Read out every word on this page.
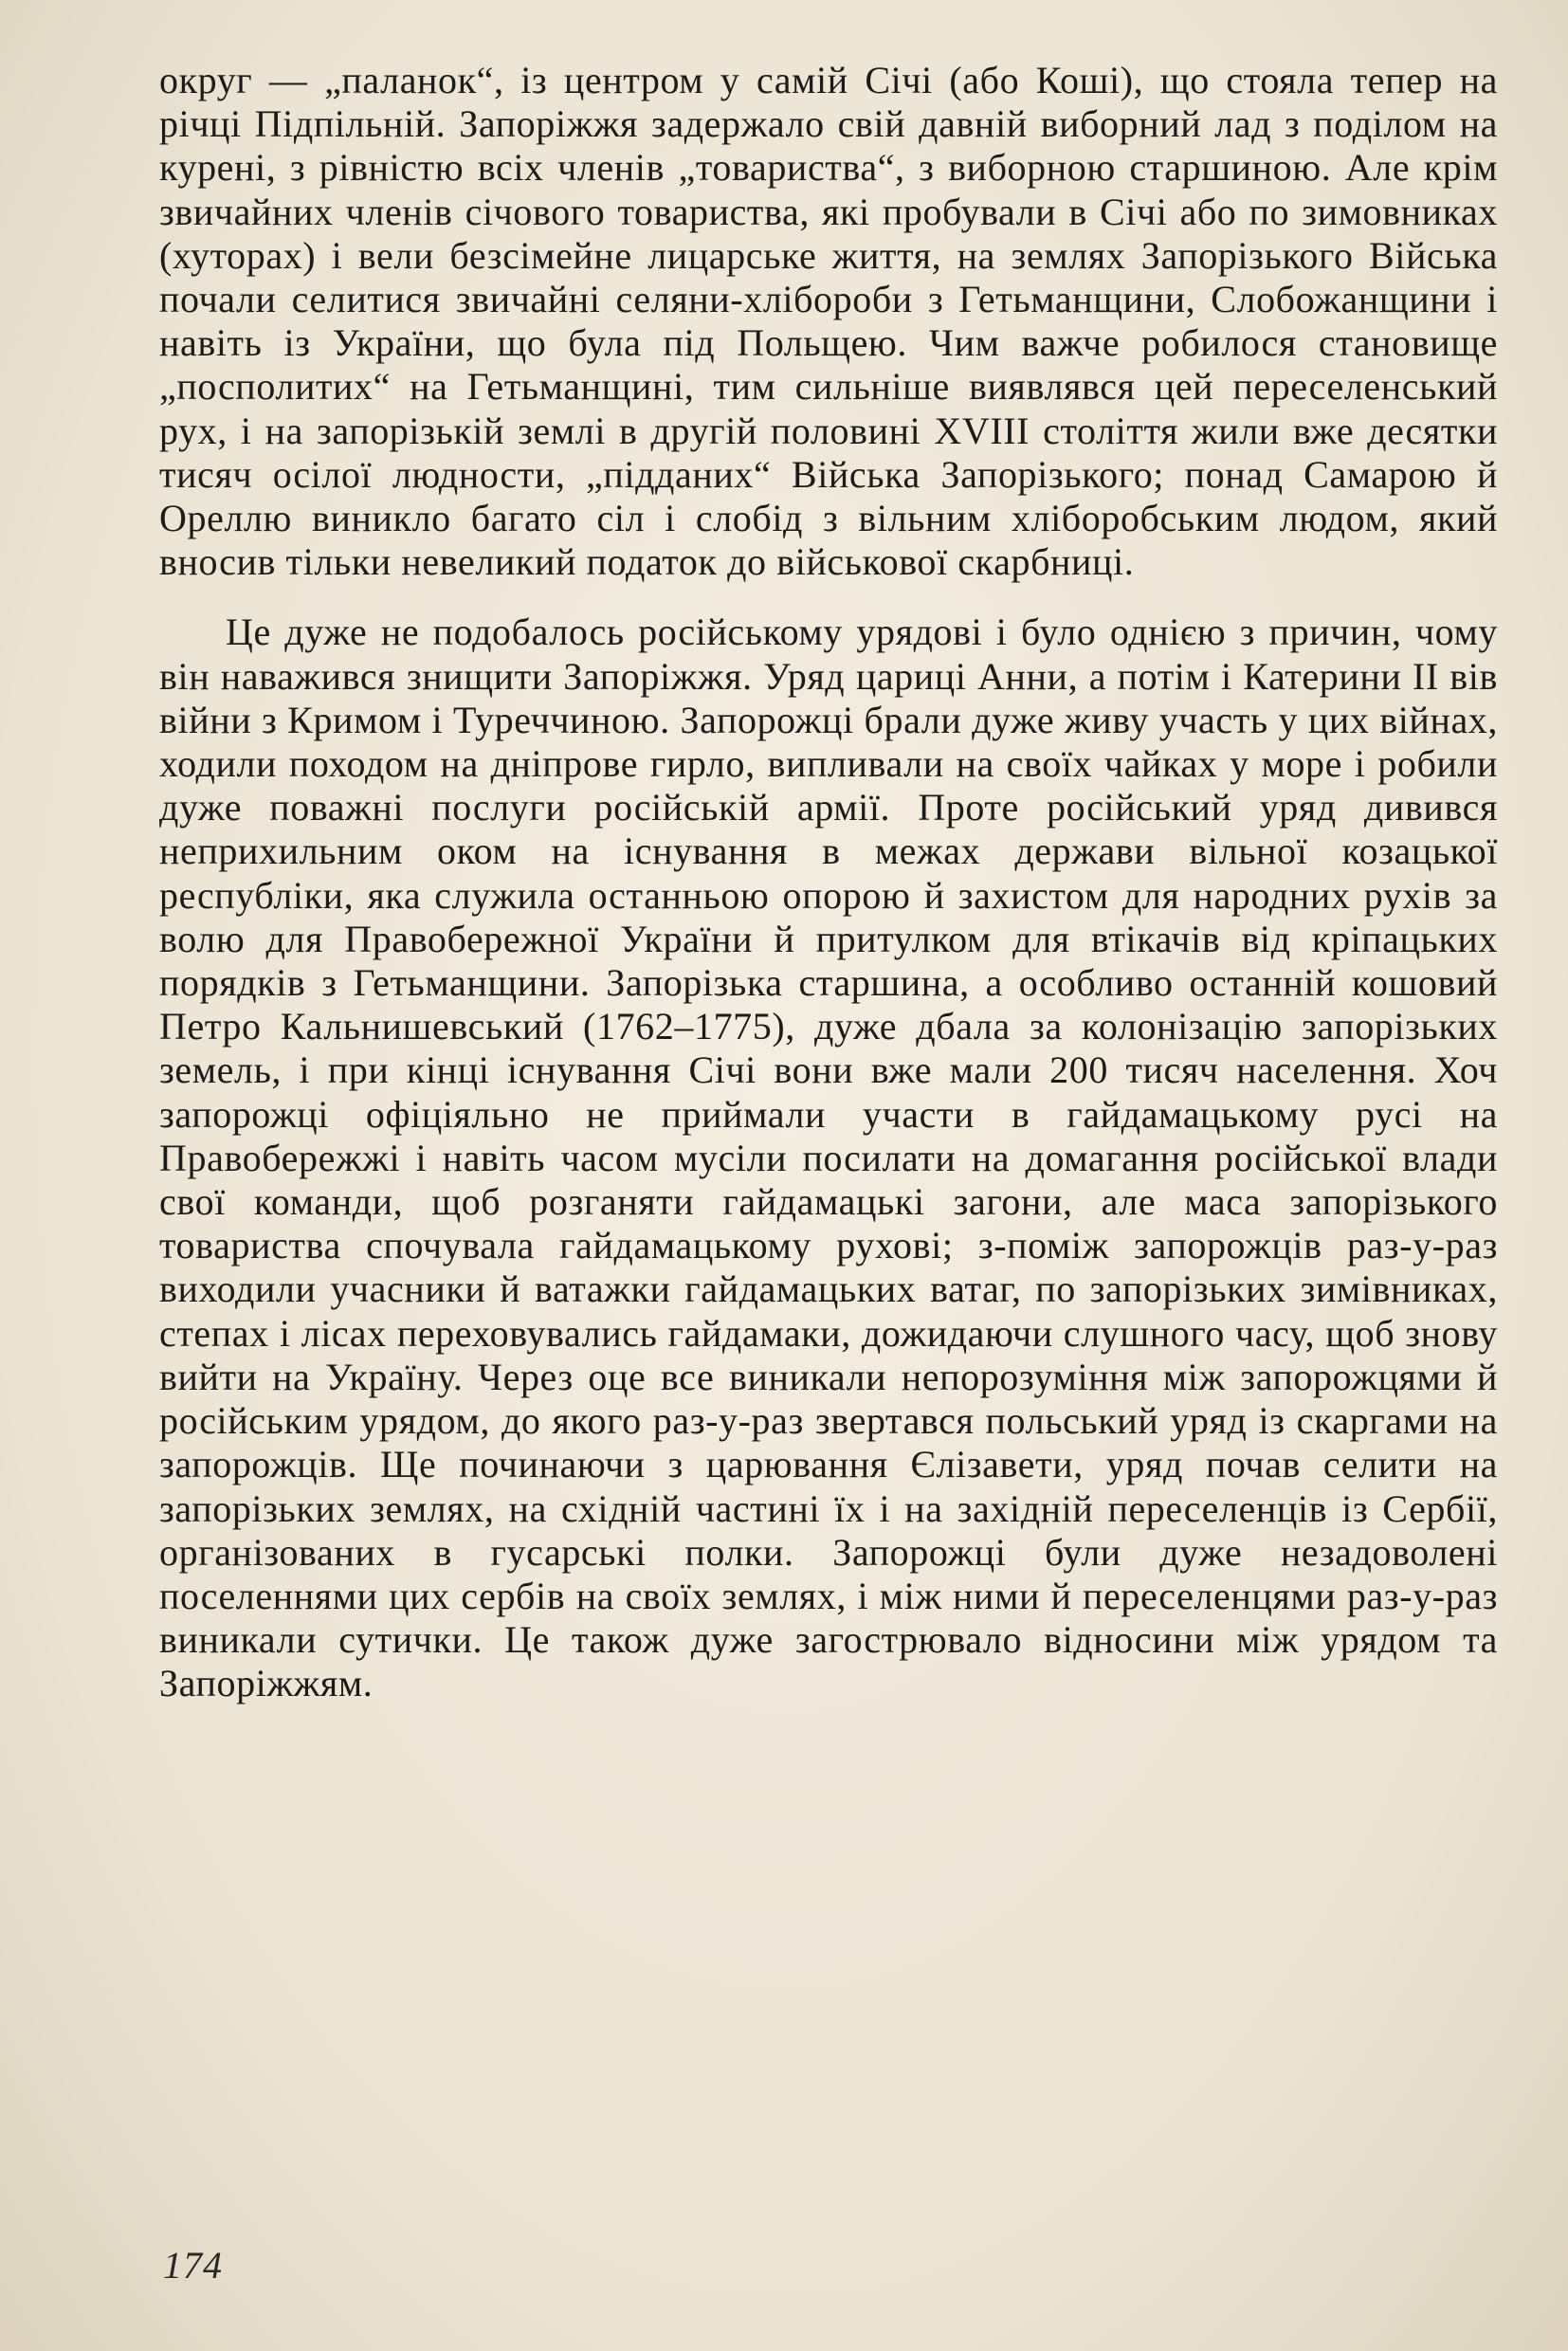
округ — „паланок“, із центром у самій Січі (або Коші), що стояла тепер на річці Підпільній. Запоріжжя задержало свій давній виборний лад з поділом на курені, з рівністю всіх членів „товариства“, з виборною старшиною. Але крім звичайних членів січового товариства, які пробували в Січі або по зимовниках (хуторах) і вели безсімейне лицарське життя, на землях Запорізького Війська почали селитися звичайні селяни-хлібороби з Гетьманщини, Слобожанщини і навіть із України, що була під Польщею. Чим важче робилося становище „посполитих“ на Гетьманщині, тим сильніше виявлявся цей переселенський рух, і на запорізькій землі в другій половині XVIII століття жили вже десятки тисяч осілої людности, „підданих“ Війська Запорізького; понад Самарою й Ореллю виникло багато сіл і слобід з вільним хліборобським людом, який вносив тільки невеликий податок до військової скарбниці.

Це дуже не подобалось російському урядові і було однією з причин, чому він наважився знищити Запоріжжя. Уряд цариці Анни, а потім і Катерини II вів війни з Кримом і Туреччиною. Запорожці брали дуже живу участь у цих війнах, ходили походом на дніпрове гирло, випливали на своїх чайках у море і робили дуже поважні послуги російській армії. Проте російський уряд дивився неприхильним оком на існування в межах держави вільної козацької республіки, яка служила останньою опорою й захистом для народних рухів за волю для Правобережної України й притулком для втікачів від кріпацьких порядків з Гетьманщини. Запорізька старшина, а особливо останній кошовий Петро Кальнишевський (1762–1775), дуже дбала за колонізацію запорізьких земель, і при кінці існування Січі вони вже мали 200 тисяч населення. Хоч запорожці офіціяльно не приймали участи в гайдамацькому русі на Правобережжі і навіть часом мусіли посилати на домагання російської влади свої команди, щоб розганяти гайдамацькі загони, але маса запорізького товариства спочувала гайдамацькому рухові; з-поміж запорожців раз-у-раз виходили учасники й ватажки гайдамацьких ватаг, по запорізьких зимівниках, степах і лісах переховувались гайдамаки, дожидаючи слушного часу, щоб знову вийти на Україну. Через оце все виникали непорозуміння між запорожцями й російським урядом, до якого раз-у-раз звертався польський уряд із скаргами на запорожців. Ще починаючи з царювання Єлізавети, уряд почав селити на запорізьких землях, на східній частині їх і на західній переселенців із Сербії, організованих в гусарські полки. Запорожці були дуже незадоволені поселеннями цих сербів на своїх землях, і між ними й переселенцями раз-у-раз виникали сутички. Це також дуже загострювало відносини між урядом та Запоріжжям.

174
